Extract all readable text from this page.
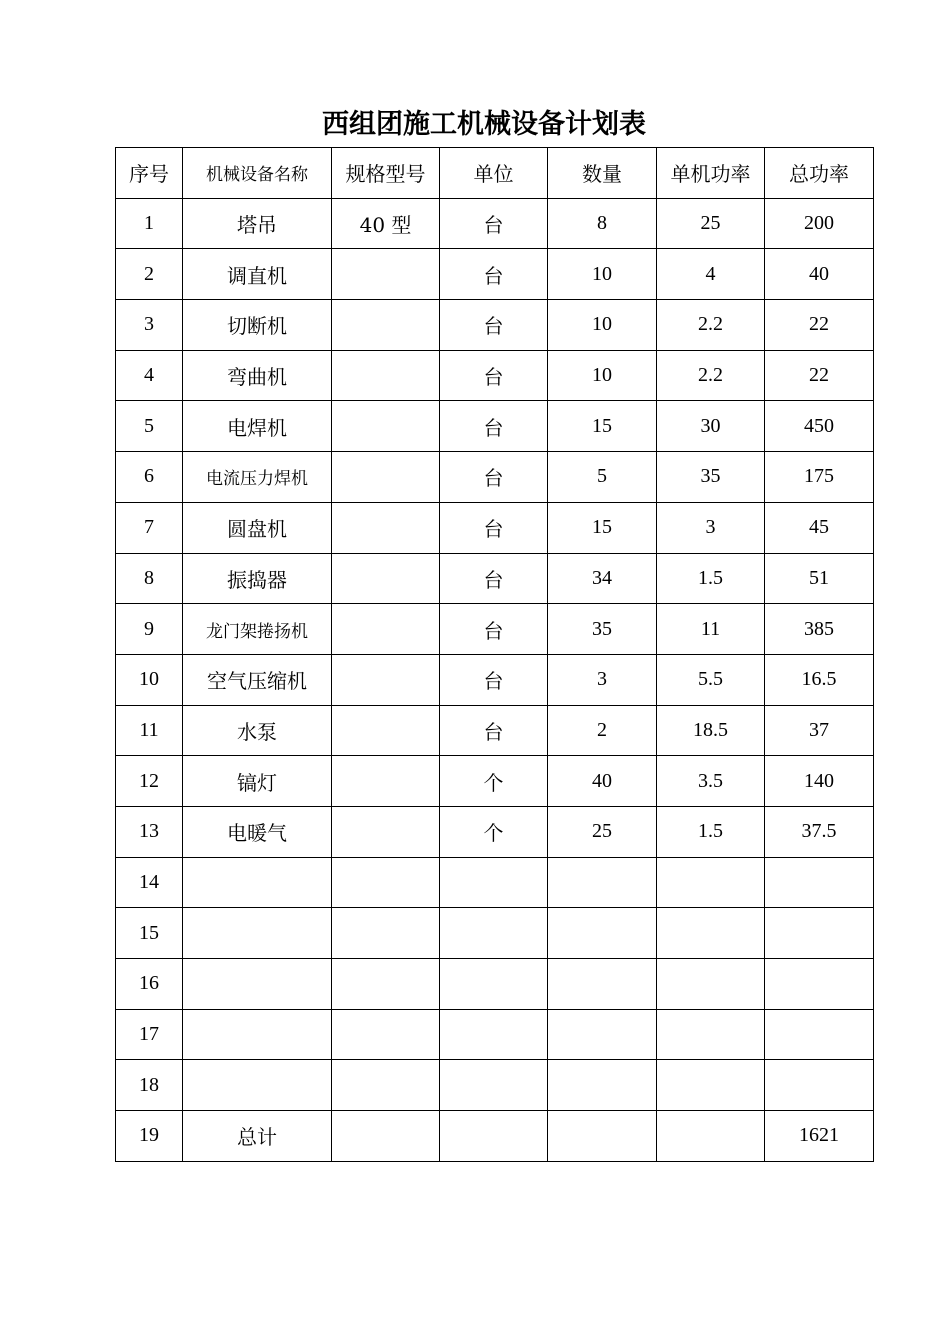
西组团施工机械设备计划表
序号	机械设备名称	规格型号	单位	数量	单机功率	总功率
1	塔吊	40 型	台	8	25	200
2	调直机		台	10	4	40
3	切断机		台	10	2.2	22
4	弯曲机		台	10	2.2	22
5	电焊机		台	15	30	450
6	电流压力焊机		台	5	35	175
7	圆盘机		台	15	3	45
8	振捣器		台	34	1.5	51
9	龙门架捲扬机		台	35	11	385
10	空气压缩机		台	3	5.5	16.5
11	水泵		台	2	18.5	37
12	镐灯		个	40	3.5	140
13	电暖气		个	25	1.5	37.5
14						
15						
16						
17						
18						
19	总计					1621
